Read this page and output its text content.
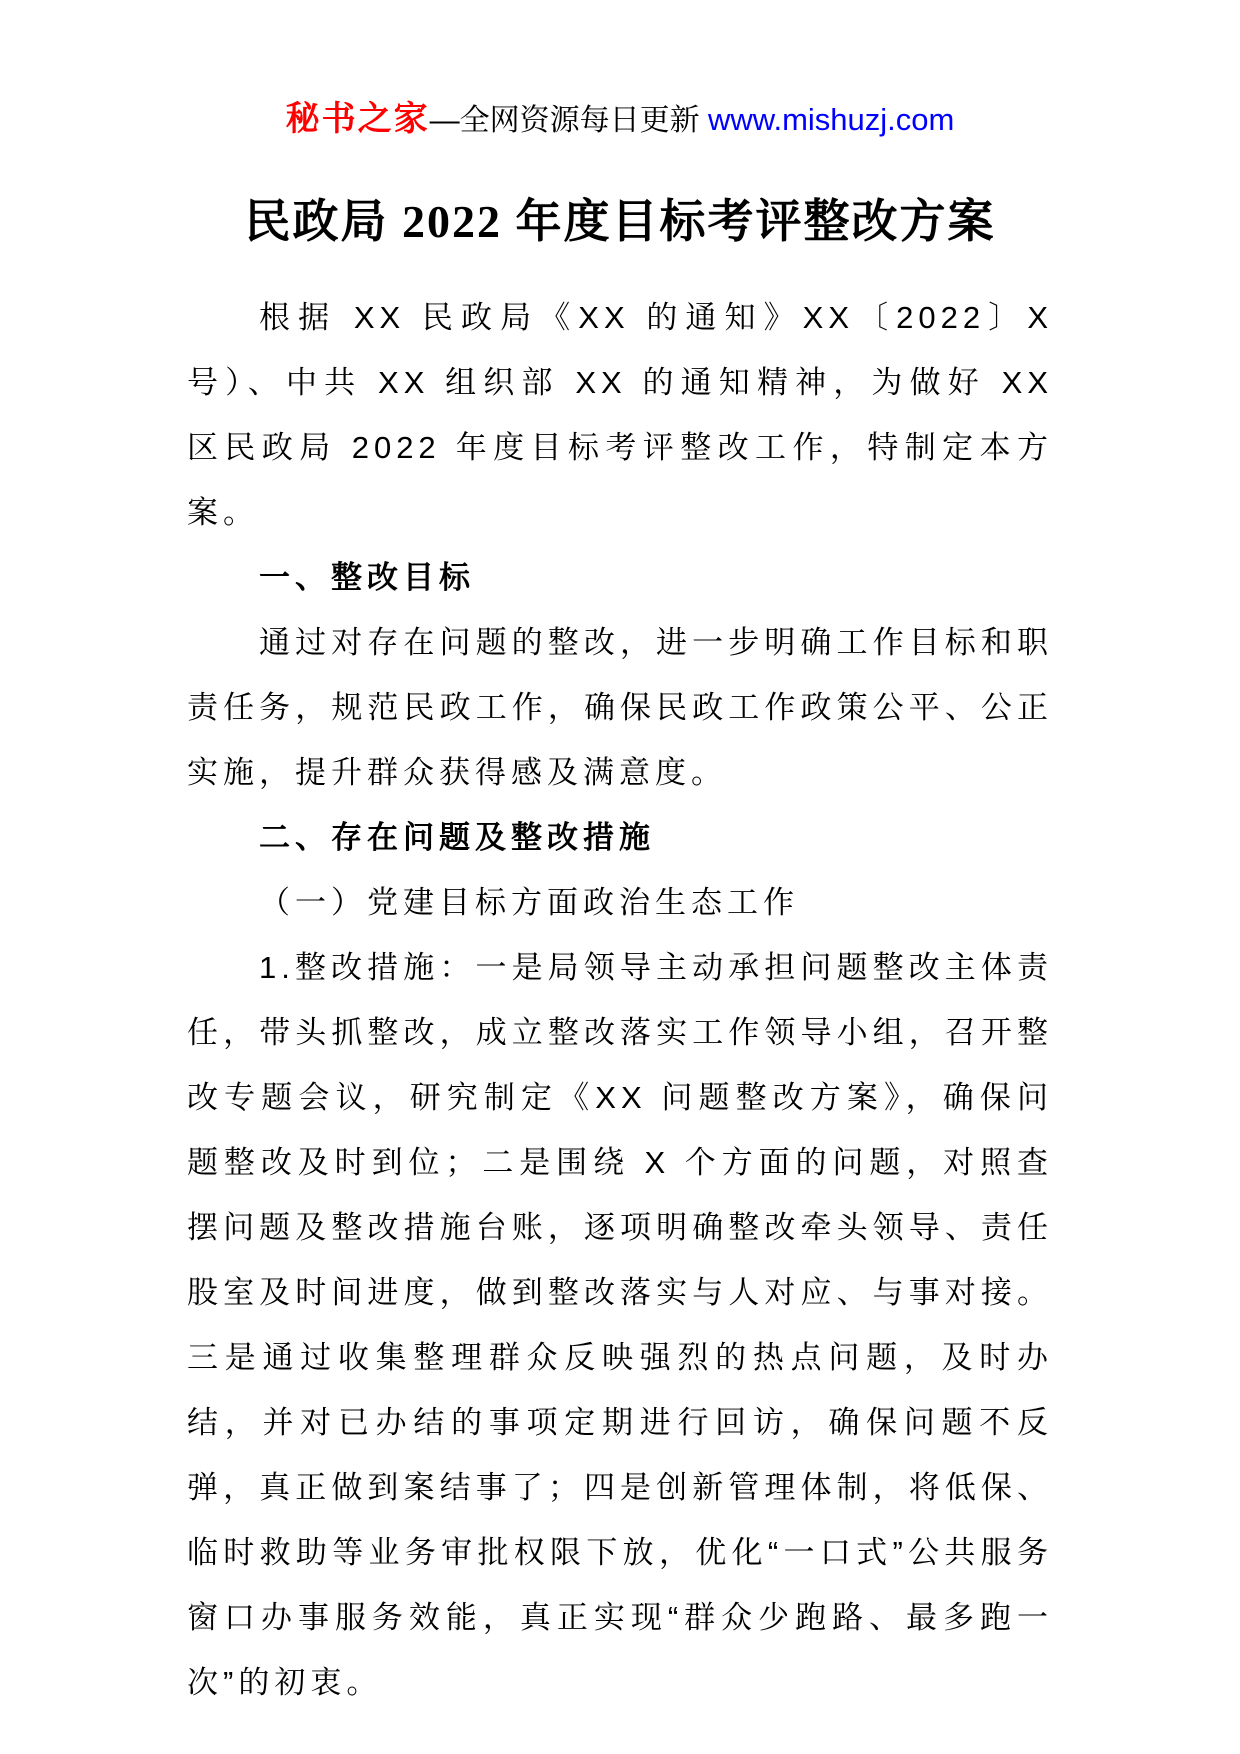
秘书之家—全网资源每日更新 www.mishuzj.com
民政局 2022 年度目标考评整改方案

根据 XX 民政局《XX 的通知》XX〔2022〕X 号）、中共 XX 组织部 XX 的通知精神，为做好 XX 区民政局 2022 年度目标考评整改工作，特制定本方案。

一、整改目标

通过对存在问题的整改，进一步明确工作目标和职责任务，规范民政工作，确保民政工作政策公平、公正实施，提升群众获得感及满意度。

二、存在问题及整改措施

（一）党建目标方面政治生态工作

1.整改措施：一是局领导主动承担问题整改主体责任，带头抓整改，成立整改落实工作领导小组，召开整改专题会议，研究制定《XX 问题整改方案》，确保问题整改及时到位；二是围绕 X 个方面的问题，对照查摆问题及整改措施台账，逐项明确整改牵头领导、责任股室及时间进度，做到整改落实与人对应、与事对接。三是通过收集整理群众反映强烈的热点问题，及时办结，并对已办结的事项定期进行回访，确保问题不反弹，真正做到案结事了；四是创新管理体制，将低保、临时救助等业务审批权限下放，优化“一口式”公共服务窗口办事服务效能，真正实现“群众少跑路、最多跑一次”的初衷。
